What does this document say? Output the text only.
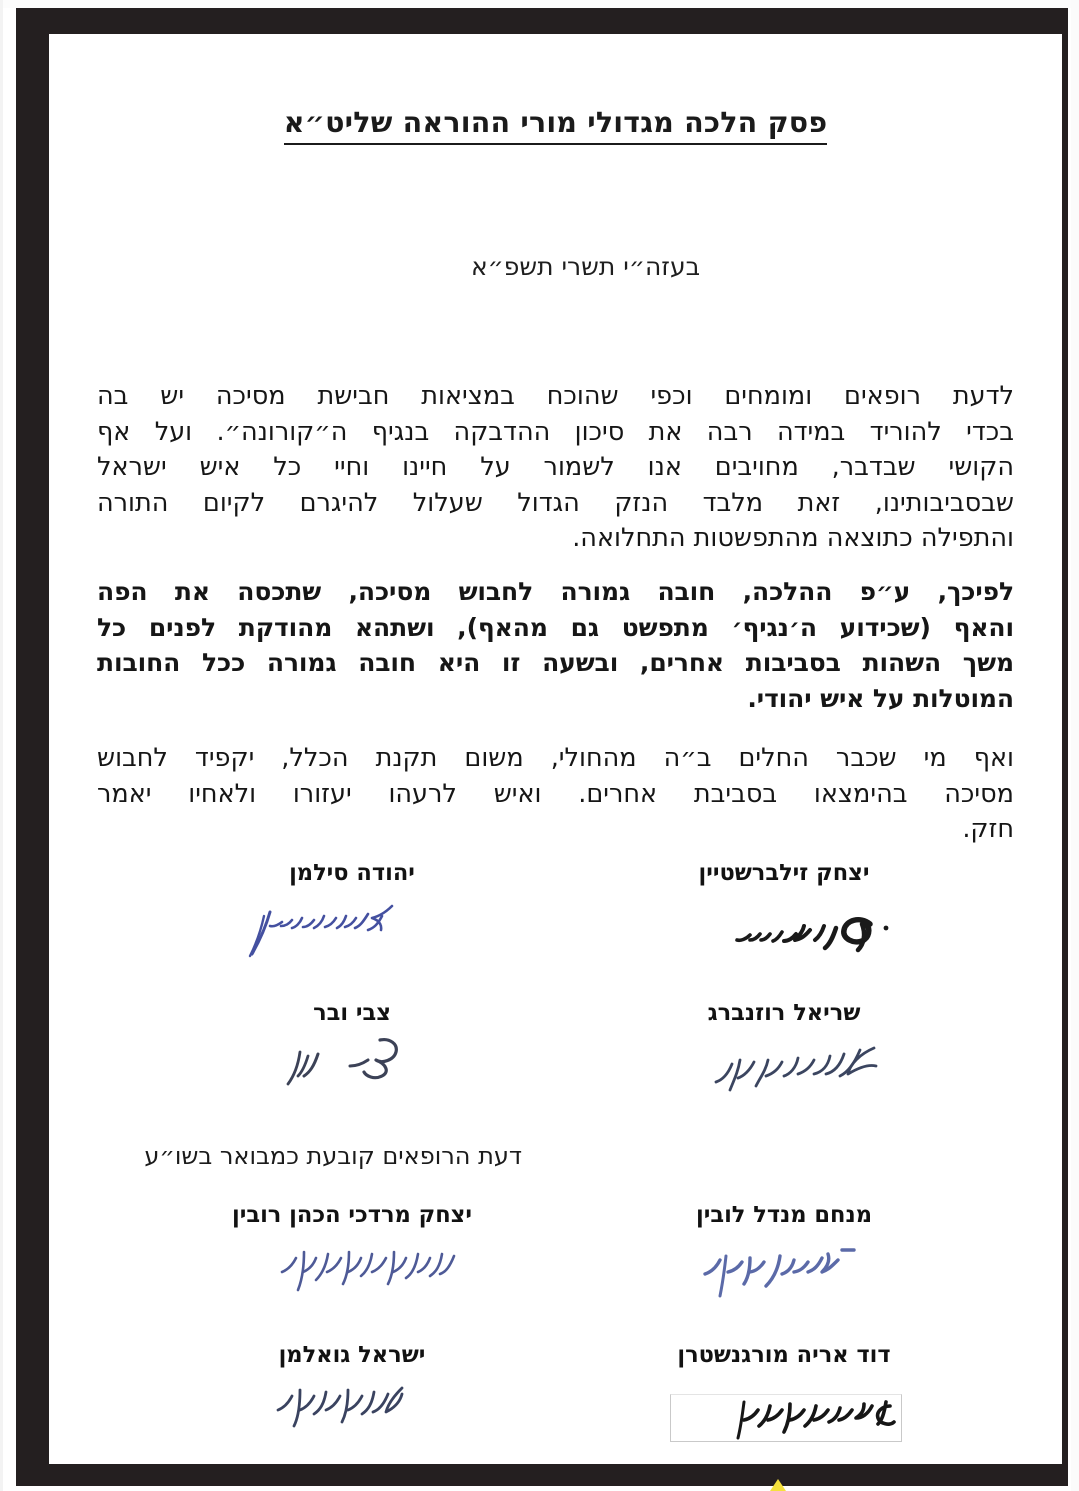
פסק הלכה מגדולי מורי ההוראה שליט״א
בעזה״י תשרי תשפ״א

לדעת רופאים ומומחים וכפי שהוכח במציאות חבישת מסיכה יש בה

בכדי להוריד במידה רבה את סיכון ההדבקה בנגיף ה״קורונה״. ועל אף

הקושי שבדבר, מחויבים אנו לשמור על חיינו וחיי כל איש ישראל

שבסביבותינו, זאת מלבד הנזק הגדול שעלול להיגרם לקיום התורה

והתפילה כתוצאה מהתפשטות התחלואה.

לפיכך, ע״פ ההלכה, חובה גמורה לחבוש מסיכה, שתכסה את הפה

והאף (שכידוע ה׳נגיף׳ מתפשט גם מהאף), ושתהא מהודקת לפנים כל

משך השהות בסביבות אחרים, ובשעה זו היא חובה גמורה ככל החובות

המוטלות על איש יהודי.

ואף מי שכבר החלים ב״ה מהחולי, משום תקנת הכלל, יקפיד לחבוש

מסיכה בהימצאו בסביבת אחרים. ואיש לרעהו יעזורו ולאחיו יאמר

חזק.

יצחק זילברשטיין
יהודה סילמן
שריאל רוזנברג
צבי ובר
דעת הרופאים קובעת כמבואר בשו״ע
מנחם מנדל לובין
יצחק מרדכי הכהן רובין
דוד אריה מורגנשטרן
ישראל גואלמן
